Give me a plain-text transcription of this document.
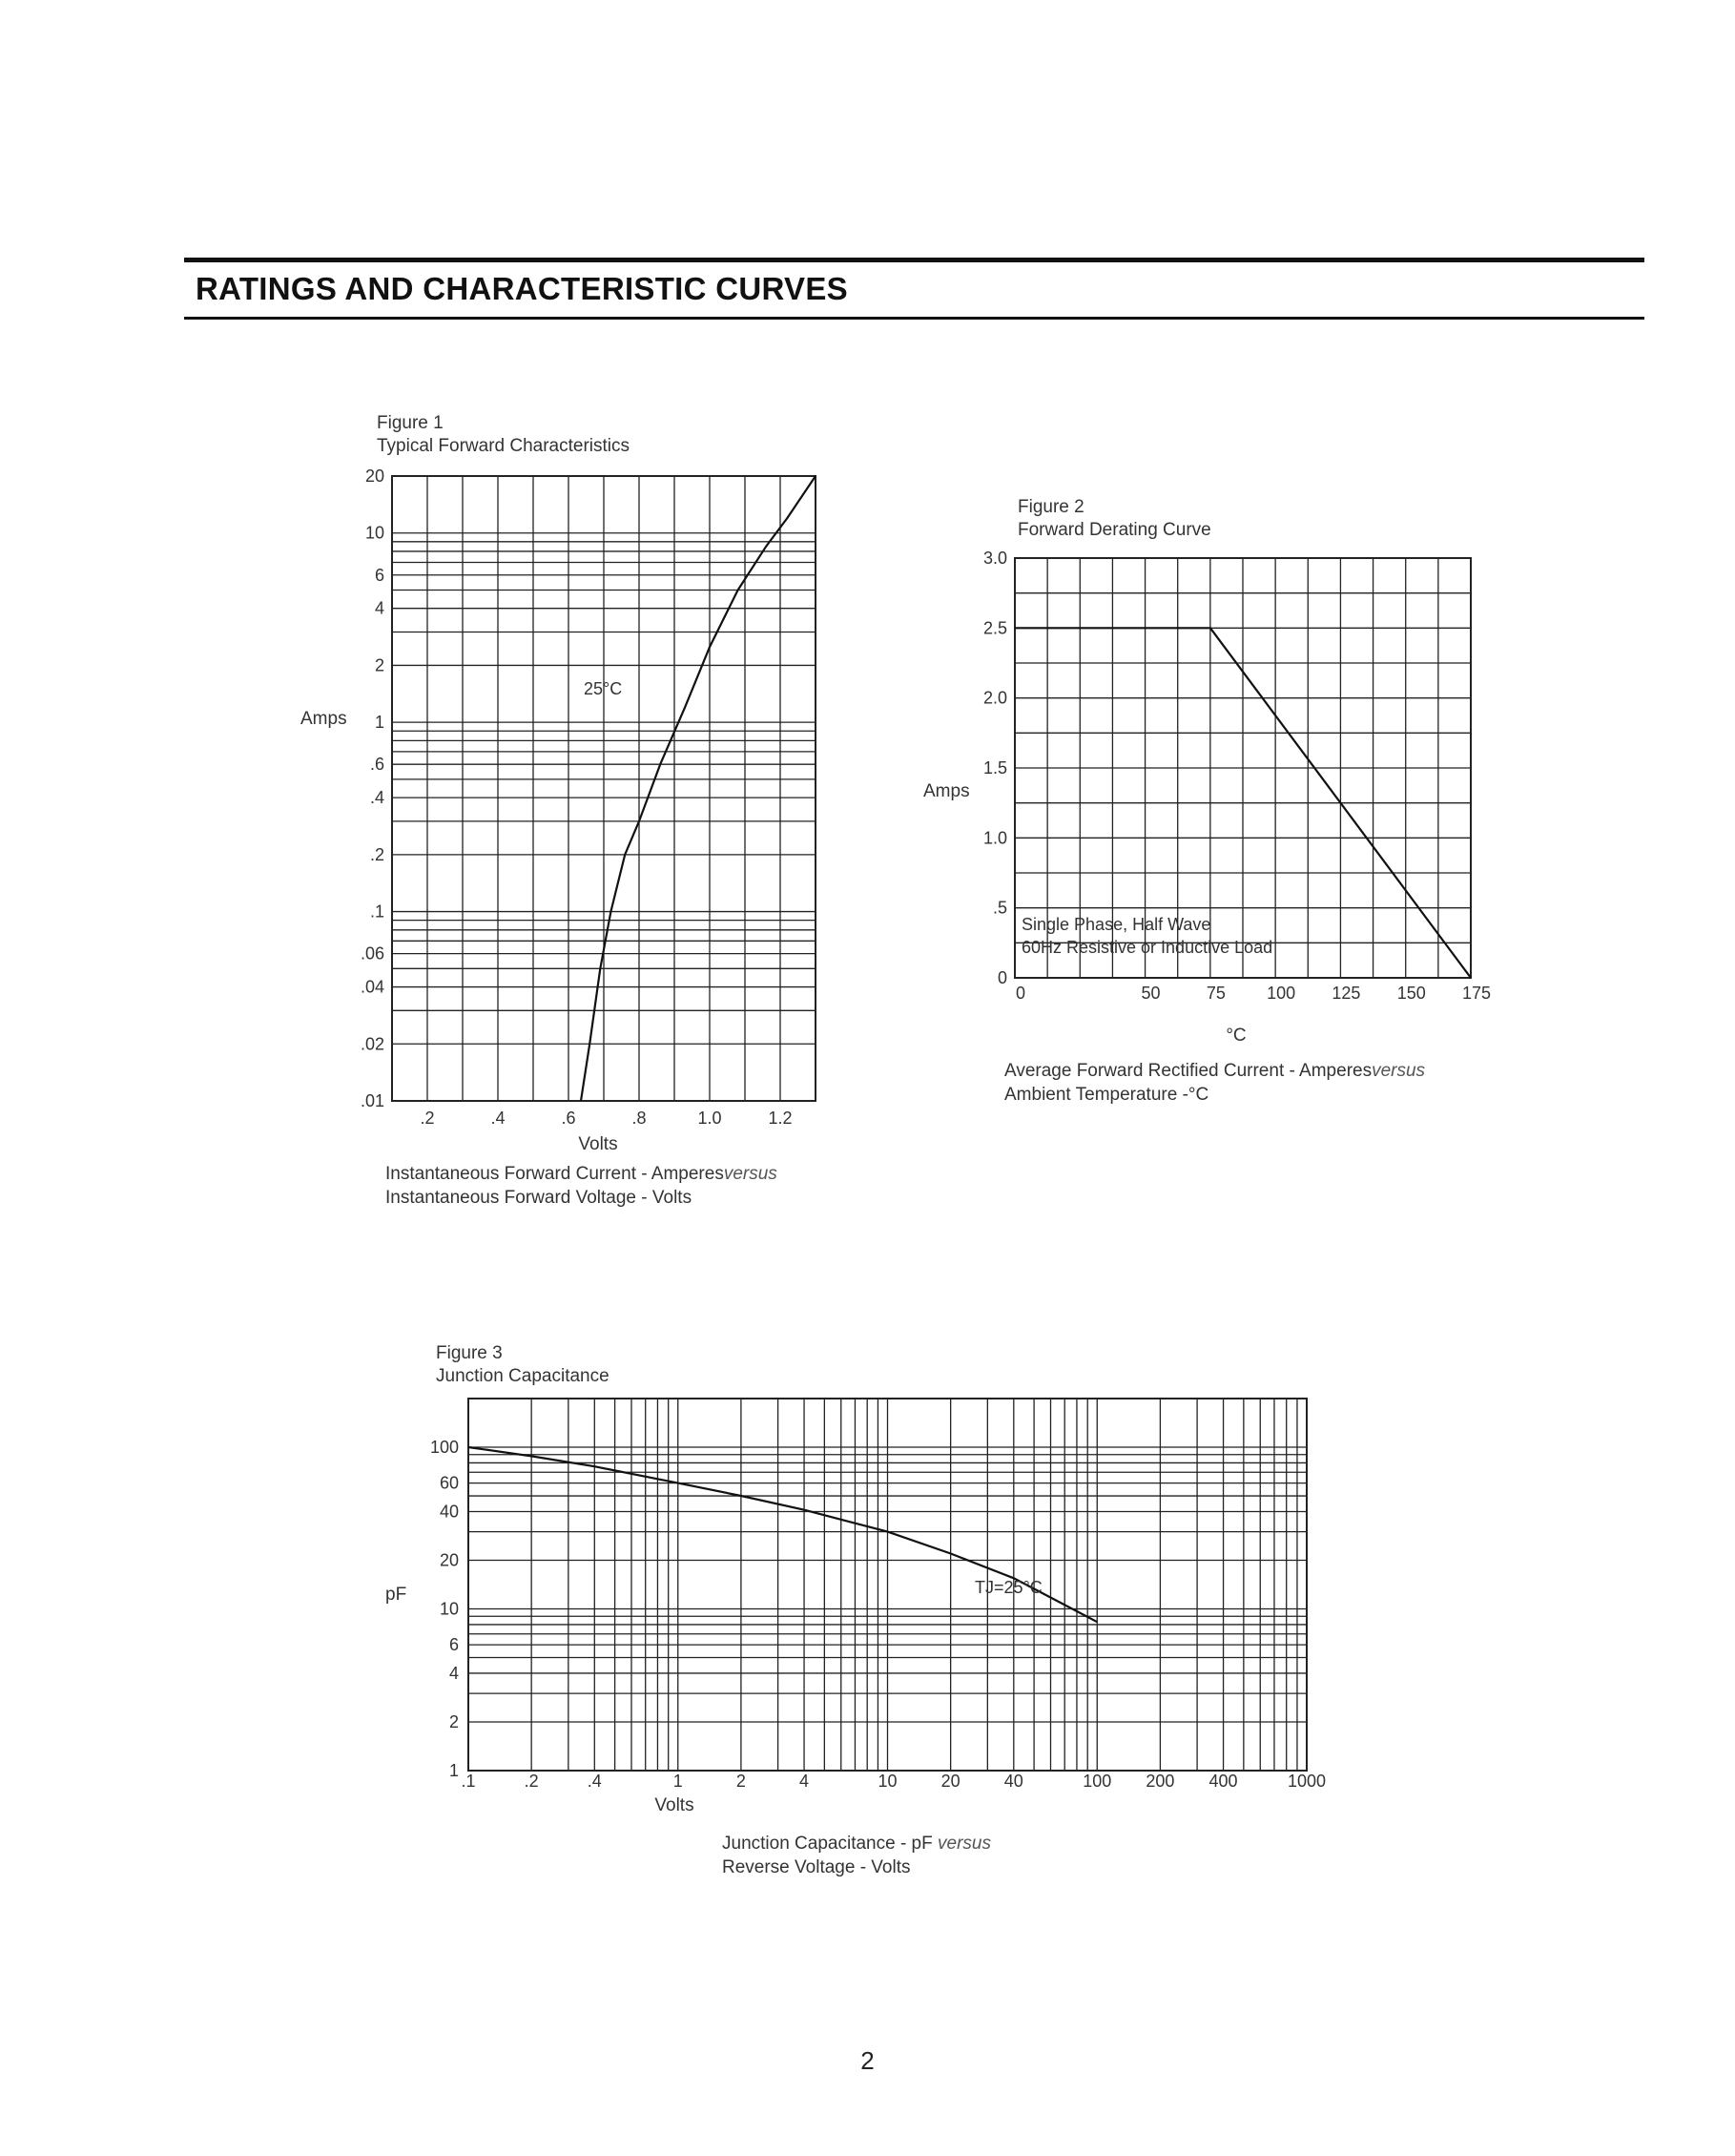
RATINGS AND CHARACTERISTIC CURVES
Figure 1
Typical Forward Characteristics
20
10
6
4
2
1
.6
.4
.2
.1
.06
.04
.02
.01
.2	.4	.6	.8	1.0	1.2
25°C
Amps
Volts
Instantaneous Forward Current - Amperesversus
Instantaneous Forward Voltage - Volts
Figure 2
Forward Derating Curve
0
.5
1.0
1.5
2.0
2.5
3.0
0	50	75 100 125 150 175
Single Phase, Half Wave
60Hz Resistive or Inductive Load
Amps
°C
Average Forward Rectified Current - Amperesversus
Ambient Temperature -°C
Figure 3
Junction Capacitance
100
60
40
20
10
6
4
2
1
.1	.2	.4	1	2	4	10	20	40	100 200 400	1000
TJ=25°C
pF
Volts
Junction Capacitance - pF versus
Reverse Voltage - Volts
2
